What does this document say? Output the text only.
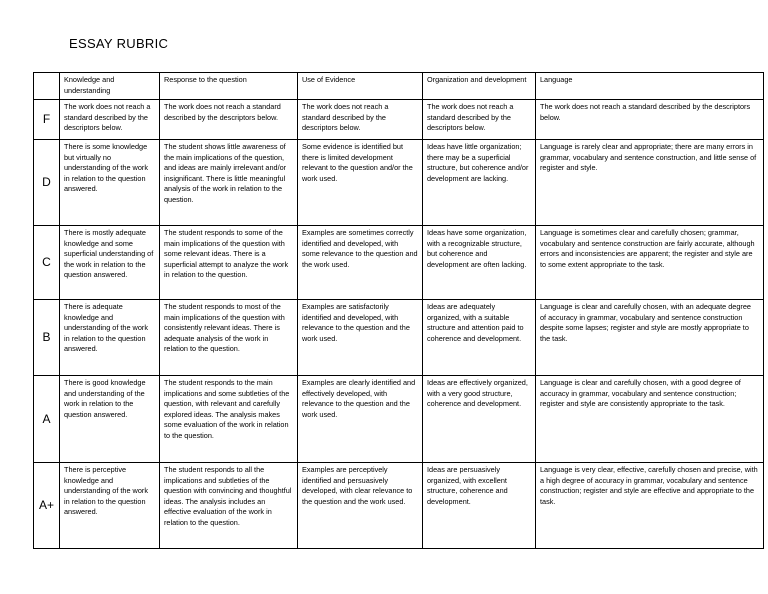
ESSAY RUBRIC
	Knowledge and understanding	Response to the question	Use of Evidence	Organization and development	Language
F	The work does not reach a standard described by the descriptors below.	The work does not reach a standard described by the descriptors below.	The work does not reach a standard described by the descriptors below.	The work does not reach a standard described by the descriptors below.	The work does not reach a standard described by the descriptors below.
D	There is some knowledge but virtually no understanding of the work in relation to the question answered.	The student shows little awareness of the main implications of the question, and ideas are mainly irrelevant and/or insignificant. There is little meaningful analysis of the work in relation to the question.	Some evidence is identified but there is limited development relevant to the question and/or the work used.	Ideas have little organization; there may be a superficial structure, but coherence and/or development are lacking.	Language is rarely clear and appropriate; there are many errors in grammar, vocabulary and sentence construction, and little sense of register and style.
C	There is mostly adequate knowledge and some superficial understanding of the work in relation to the question answered.	The student responds to some of the main implications of the question with some relevant ideas. There is a superficial attempt to analyze the work in relation to the question.	Examples are sometimes correctly identified and developed, with some relevance to the question and the work used.	Ideas have some organization, with a recognizable structure, but coherence and development are often lacking.	Language is sometimes clear and carefully chosen; grammar, vocabulary and sentence construction are fairly accurate, although errors and inconsistencies are apparent; the register and style are to some extent appropriate to the task.
B	There is adequate knowledge and understanding of the work in relation to the question answered.	The student responds to most of the main implications of the question with consistently relevant ideas. There is adequate analysis of the work in relation to the question.	Examples are satisfactorily identified and developed, with relevance to the question and the work used.	Ideas are adequately organized, with a suitable structure and attention paid to coherence and development.	Language is clear and carefully chosen, with an adequate degree of accuracy in grammar, vocabulary and sentence construction despite some lapses; register and style are mostly appropriate to the task.
A	There is good knowledge and understanding of the work in relation to the question answered.	The student responds to the main implications and some subtleties of the question, with relevant and carefully explored ideas. The analysis makes some evaluation of the work in relation to the question.	Examples are clearly identified and effectively developed, with relevance to the question and the work used.	Ideas are effectively organized, with a very good structure, coherence and development.	Language is clear and carefully chosen, with a good degree of accuracy in grammar, vocabulary and sentence construction; register and style are consistently appropriate to the task.
A+	There is perceptive knowledge and understanding of the work in relation to the question answered.	The student responds to all the implications and subtleties of the question with convincing and thoughtful ideas. The analysis includes an effective evaluation of the work in relation to the question.	Examples are perceptively identified and persuasively developed, with clear relevance to the question and the work used.	Ideas are persuasively organized, with excellent structure, coherence and development.	Language is very clear, effective, carefully chosen and precise, with a high degree of accuracy in grammar, vocabulary and sentence construction; register and style are effective and appropriate to the task.
